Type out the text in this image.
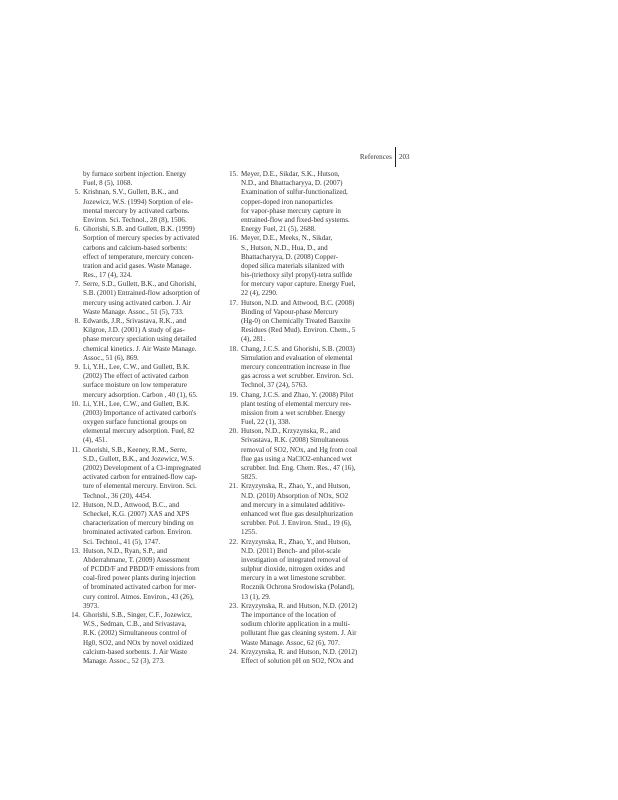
References 203
by furnace sorbent injection. Energy
Fuel, 8 (5), 1068.
5. Krishnan, S.V., Gullett, B.K., and
Jozewicz, W.S. (1994) Sorption of ele-
mental mercury by activated carbons.
Environ. Sci. Technol., 28 (8), 1506.
6. Ghorishi, S.B. and Gullett, B.K. (1999)
Sorption of mercury species by activated
carbons and calcium-based sorbents:
effect of temperature, mercury concen-
tration and acid gases. Waste Manage.
Res., 17 (4), 324.
7. Serre, S.D., Gullett, B.K., and Ghorishi,
S.B. (2001) Entrained-flow adsorption of
mercury using activated carbon. J. Air
Waste Manage. Assoc., 51 (5), 733.
8. Edwards, J.R., Srivastava, R.K., and
Kilgroe, J.D. (2001) A study of gas-
phase mercury speciation using detailed
chemical kinetics. J. Air Waste Manage.
Assoc., 51 (6), 869.
9. Li, Y.H., Lee, C.W., and Gullett, B.K.
(2002) The effect of activated carbon
surface moisture on low temperature
mercury adsorption. Carbon , 40 (1), 65.
10. Li, Y.H., Lee, C.W., and Gullett, B.K.
(2003) Importance of activated carbon's
oxygen surface functional groups on
elemental mercury adsorption. Fuel, 82
(4), 451.
11. Ghorishi, S.B., Keeney, R.M., Serre,
S.D., Gullett, B.K., and Jozewicz, W.S.
(2002) Development of a Cl-impregnated
activated carbon for entrained-flow cap-
ture of elemental mercury. Environ. Sci.
Technol., 36 (20), 4454.
12. Hutson, N.D., Attwood, B.C., and
Scheckel, K.G. (2007) XAS and XPS
characterization of mercury binding on
brominated activated carbon. Environ.
Sci. Technol., 41 (5), 1747.
13. Hutson, N.D., Ryan, S.P., and
Abderrahmane, T. (2009) Assessment
of PCDD/F and PBDD/F emissions from
coal-fired power plants during injection
of brominated activated carbon for mer-
cury control. Atmos. Environ., 43 (26),
3973.
14. Ghorishi, S.B., Singer, C.F., Jozewicz,
W.S., Sedman, C.B., and Srivastava,
R.K. (2002) Simultaneous control of
Hg0, SO2, and NOx by novel oxidized
calcium-based sorbents. J. Air Waste
Manage. Assoc., 52 (3), 273.
15. Meyer, D.E., Sikdar, S.K., Hutson,
N.D., and Bhattacharyya, D. (2007)
Examination of sulfur-functionalized,
copper-doped iron nanoparticles
for vapor-phase mercury capture in
entrained-flow and fixed-bed systems.
Energy Fuel, 21 (5), 2688.
16. Meyer, D.E., Meeks, N., Sikdar,
S., Hutson, N.D., Hua, D., and
Bhattacharyya, D. (2008) Copper-
doped silica materials silanized with
bis-(triethoxy silyl propyl)-tetra sulfide
for mercury vapor capture. Energy Fuel,
22 (4), 2290.
17. Hutson, N.D. and Attwood, B.C. (2008)
Binding of Vapour-phase Mercury
(Hg-0) on Chemically Treated Bauxite
Residues (Red Mud). Environ. Chem., 5
(4), 281.
18. Chang, J.C.S. and Ghorishi, S.B. (2003)
Simulation and evaluation of elemental
mercury concentration increase in flue
gas across a wet scrubber. Environ. Sci.
Technol, 37 (24), 5763.
19. Chang, J.C.S. and Zhao, Y. (2008) Pilot
plant testing of elemental mercury ree-
mission from a wet scrubber. Energy
Fuel, 22 (1), 338.
20. Hutson, N.D., Krzyzynska, R., and
Srivastava, R.K. (2008) Simultaneous
removal of SO2, NOx, and Hg from coal
flue gas using a NaClO2-enhanced wet
scrubber. Ind. Eng. Chem. Res., 47 (16),
5825.
21. Krzyzynska, R., Zhao, Y., and Hutson,
N.D. (2010) Absorption of NOx, SO2
and mercury in a simulated additive-
enhanced wet flue gas desulphurization
scrubber. Pol. J. Environ. Stud., 19 (6),
1255.
22. Krzyzynska, R., Zhao, Y., and Hutson,
N.D. (2011) Bench- and pilot-scale
investigation of integrated removal of
sulphur dioxide, nitrogen oxides and
mercury in a wet limestone scrubber.
Rocznik Ochrona Srodowiska (Poland),
13 (1), 29.
23. Krzyzynska, R. and Hutson, N.D. (2012)
The importance of the location of
sodium chlorite application in a multi-
pollutant flue gas cleaning system. J. Air
Waste Manage. Assoc, 62 (6), 707.
24. Krzyzynska, R. and Hutson, N.D. (2012)
Effect of solution pH on SO2, NOx and
